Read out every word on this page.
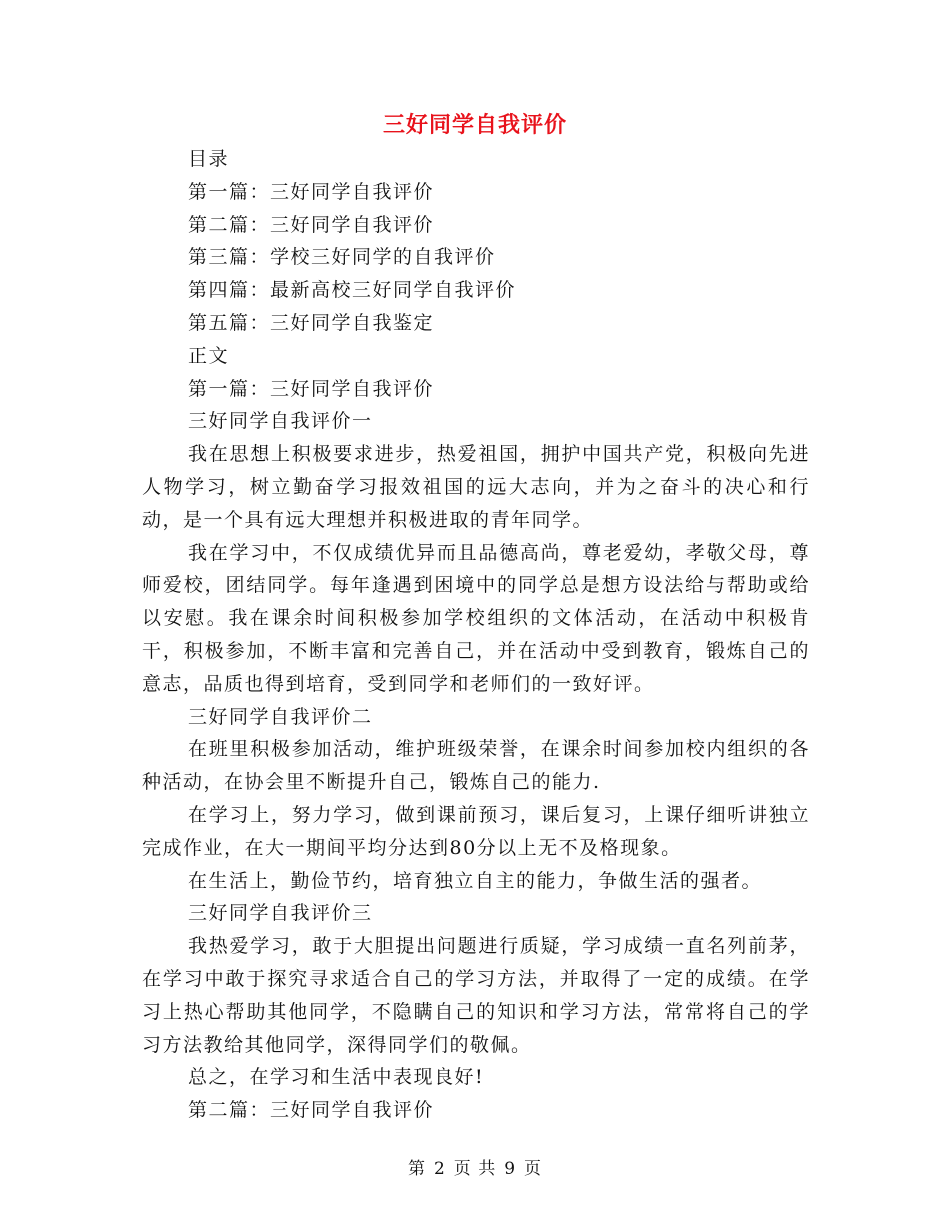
三好同学自我评价

目录

第一篇：三好同学自我评价

第二篇：三好同学自我评价

第三篇：学校三好同学的自我评价

第四篇：最新高校三好同学自我评价

第五篇：三好同学自我鉴定

正文

第一篇：三好同学自我评价

三好同学自我评价一

我在思想上积极要求进步，热爱祖国，拥护中国共产党，积极向先进人物学习，树立勤奋学习报效祖国的远大志向，并为之奋斗的决心和行动，是一个具有远大理想并积极进取的青年同学。

我在学习中，不仅成绩优异而且品德高尚，尊老爱幼，孝敬父母，尊师爱校，团结同学。每年逢遇到困境中的同学总是想方设法给与帮助或给以安慰。我在课余时间积极参加学校组织的文体活动，在活动中积极肯干，积极参加，不断丰富和完善自己，并在活动中受到教育，锻炼自己的意志，品质也得到培育，受到同学和老师们的一致好评。

三好同学自我评价二

在班里积极参加活动，维护班级荣誉，在课余时间参加校内组织的各种活动，在协会里不断提升自己，锻炼自己的能力.

在学习上，努力学习，做到课前预习，课后复习，上课仔细听讲独立完成作业，在大一期间平均分达到80分以上无不及格现象。

在生活上，勤俭节约，培育独立自主的能力，争做生活的强者。

三好同学自我评价三

我热爱学习，敢于大胆提出问题进行质疑，学习成绩一直名列前茅，在学习中敢于探究寻求适合自己的学习方法，并取得了一定的成绩。在学习上热心帮助其他同学，不隐瞒自己的知识和学习方法，常常将自己的学习方法教给其他同学，深得同学们的敬佩。

总之，在学习和生活中表现良好!

第二篇：三好同学自我评价

第 2 页 共 9 页
